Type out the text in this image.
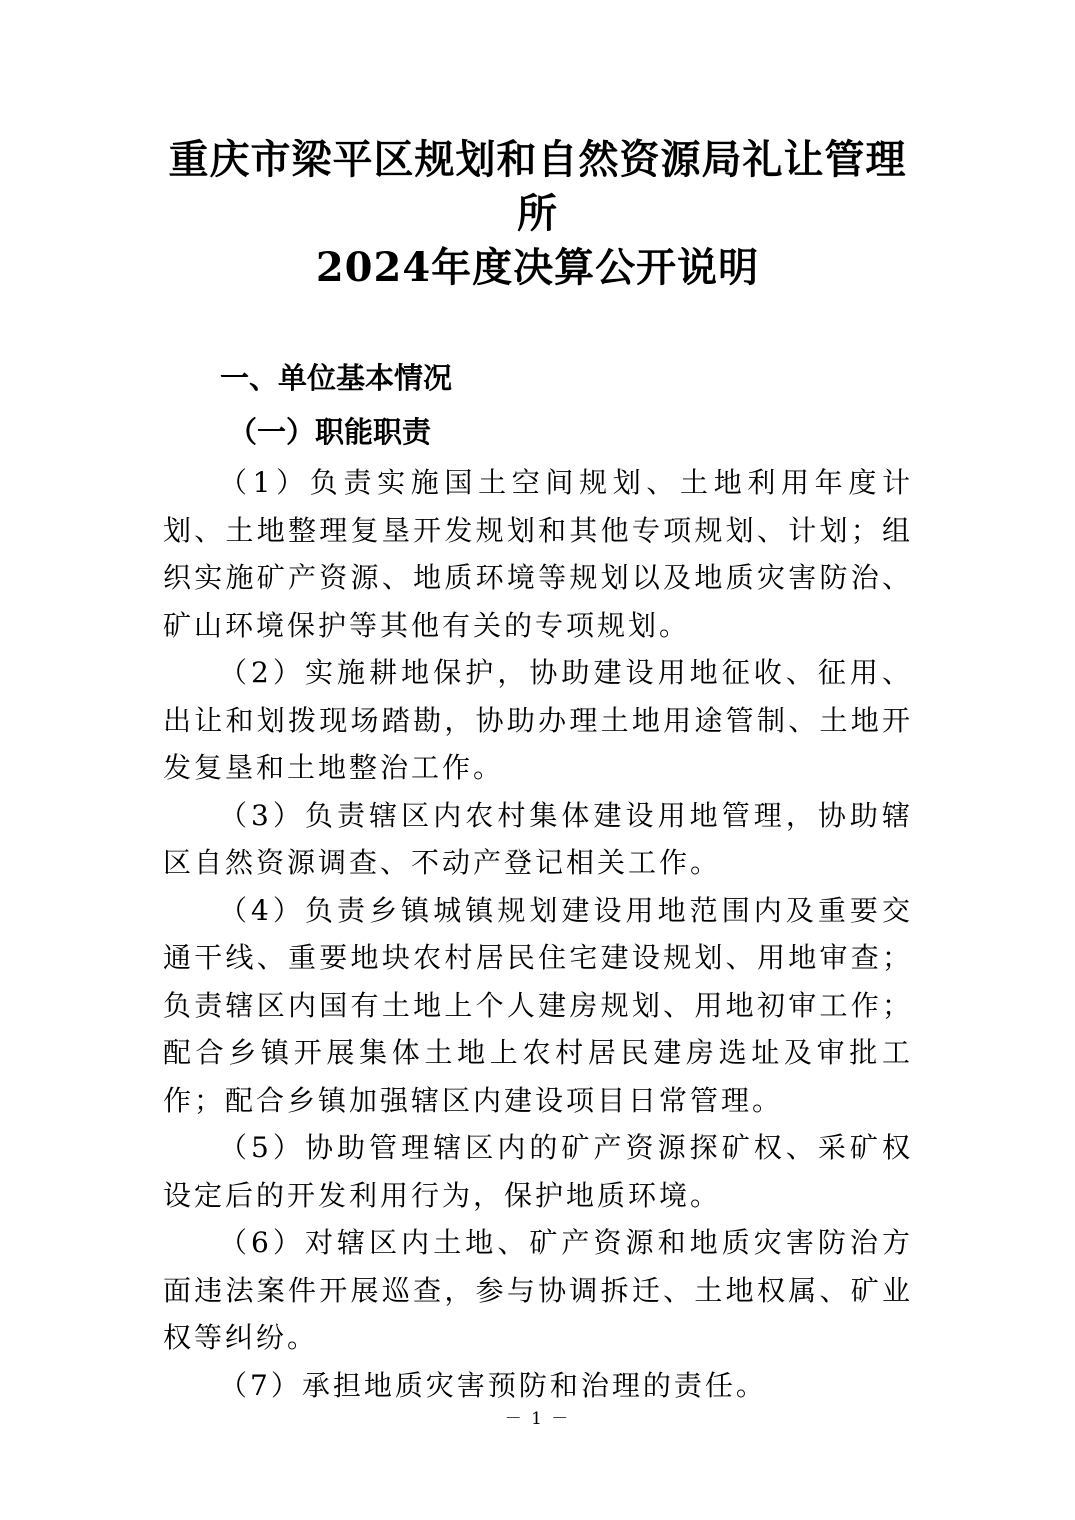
重庆市梁平区规划和自然资源局礼让管理
所
2024年度决算公开说明
一、单位基本情况
（一）职能职责

（1）负责实施国土空间规划、土地利用年度计划、土地整理复垦开发规划和其他专项规划、计划；组织实施矿产资源、地质环境等规划以及地质灾害防治、矿山环境保护等其他有关的专项规划。

（2）实施耕地保护，协助建设用地征收、征用、出让和划拨现场踏勘，协助办理土地用途管制、土地开发复垦和土地整治工作。

（3）负责辖区内农村集体建设用地管理，协助辖区自然资源调查、不动产登记相关工作。

（4）负责乡镇城镇规划建设用地范围内及重要交通干线、重要地块农村居民住宅建设规划、用地审查；负责辖区内国有土地上个人建房规划、用地初审工作；配合乡镇开展集体土地上农村居民建房选址及审批工作；配合乡镇加强辖区内建设项目日常管理。

（5）协助管理辖区内的矿产资源探矿权、采矿权设定后的开发利用行为，保护地质环境。

（6）对辖区内土地、矿产资源和地质灾害防治方面违法案件开展巡查，参与协调拆迁、土地权属、矿业权等纠纷。

（7）承担地质灾害预防和治理的责任。

－ 1 －
